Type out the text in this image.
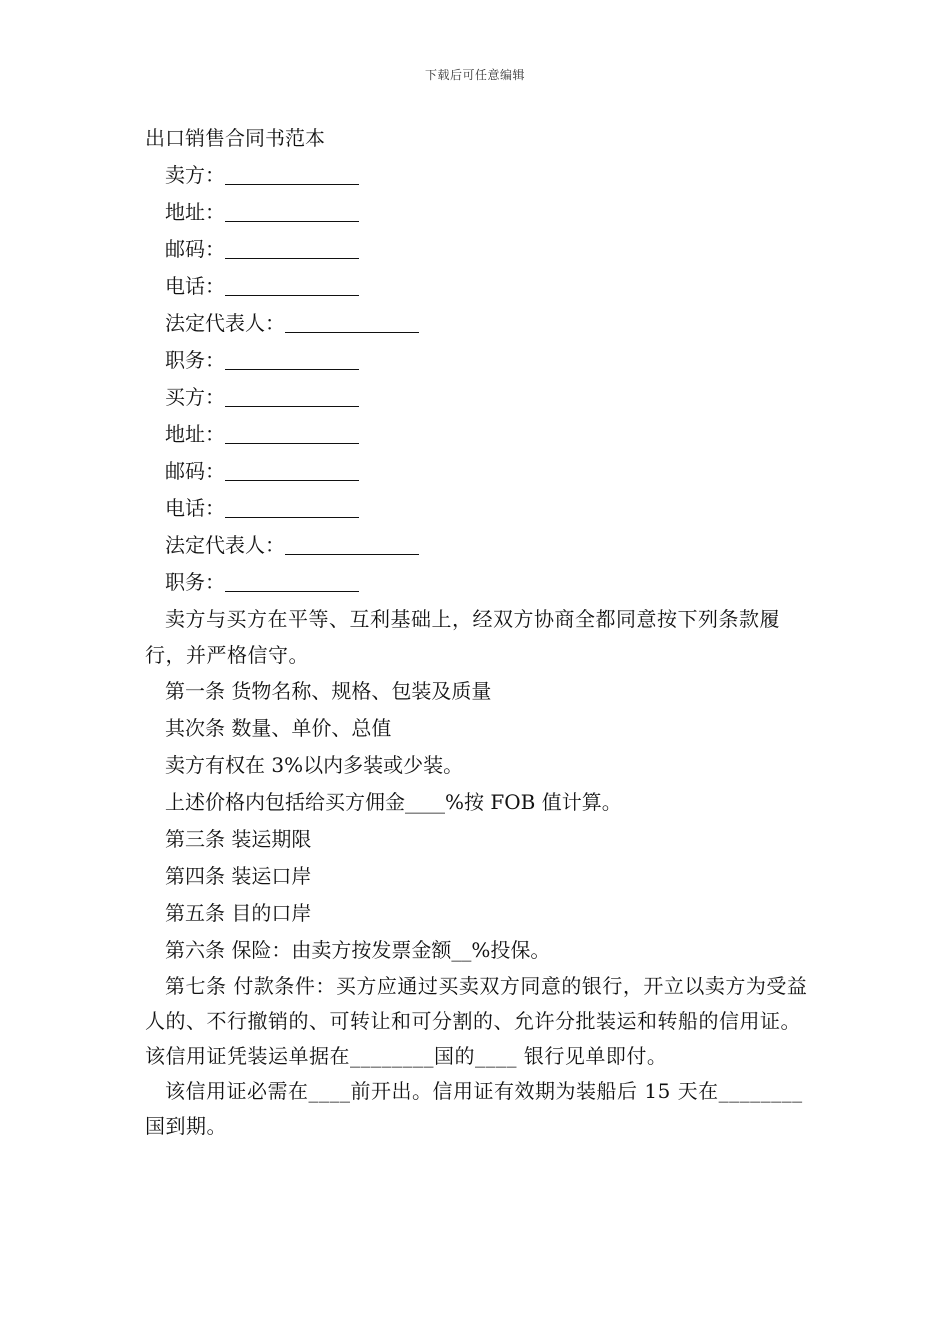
下载后可任意编辑
出口销售合同书范本
卖方：
地址：
邮码：
电话：
法定代表人：
职务：
买方：
地址：
邮码：
电话：
法定代表人：
职务：

卖方与买方在平等、互利基础上，经双方协商全都同意按下列条款履行，并严格信守。

第一条 货物名称、规格、包装及质量
其次条 数量、单价、总值
卖方有权在 3%以内多装或少装。
上述价格内包括给买方佣金____%按 FOB 值计算。
第三条 装运期限
第四条 装运口岸
第五条 目的口岸
第六条 保险：由卖方按发票金额__%投保。

第七条 付款条件：买方应通过买卖双方同意的银行，开立以卖方为受益人的、不行撤销的、可转让和可分割的、允许分批装运和转船的信用证。该信用证凭装运单据在________国的____ 银行见单即付。

该信用证必需在____前开出。信用证有效期为装船后 15 天在________国到期。
